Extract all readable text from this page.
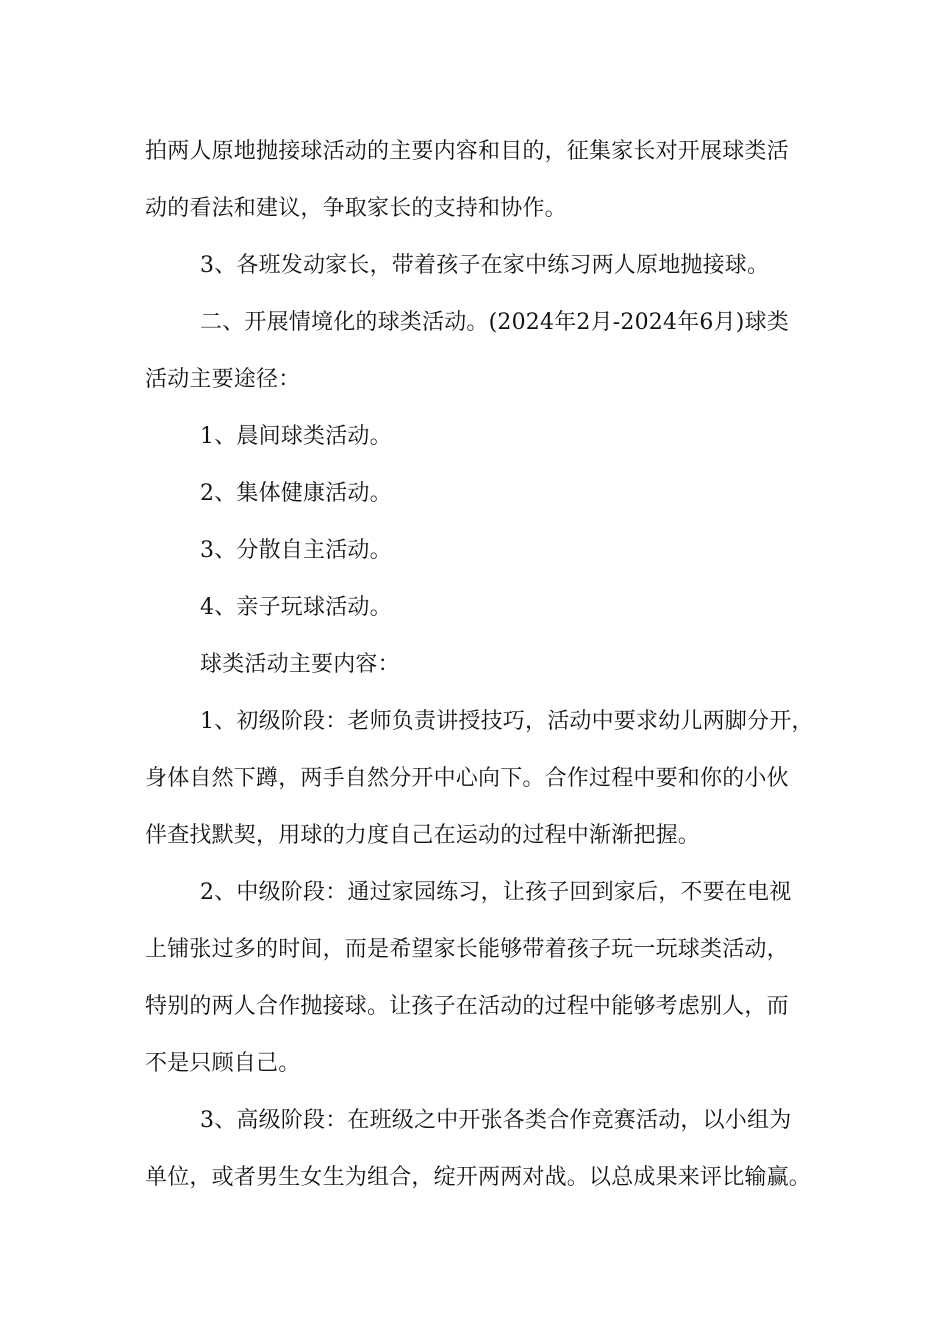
拍两人原地抛接球活动的主要内容和目的，征集家长对开展球类活
动的看法和建议，争取家长的支持和协作。
3、各班发动家长，带着孩子在家中练习两人原地抛接球。
二、开展情境化的球类活动。(2024年2月-2024年6月)球类
活动主要途径：
1、晨间球类活动。
2、集体健康活动。
3、分散自主活动。
4、亲子玩球活动。
球类活动主要内容：
1、初级阶段：老师负责讲授技巧，活动中要求幼儿两脚分开，
身体自然下蹲，两手自然分开中心向下。合作过程中要和你的小伙
伴查找默契，用球的力度自己在运动的过程中渐渐把握。
2、中级阶段：通过家园练习，让孩子回到家后，不要在电视
上铺张过多的时间，而是希望家长能够带着孩子玩一玩球类活动，
特别的两人合作抛接球。让孩子在活动的过程中能够考虑别人，而
不是只顾自己。
3、高级阶段：在班级之中开张各类合作竞赛活动，以小组为
单位，或者男生女生为组合，绽开两两对战。以总成果来评比输赢。
